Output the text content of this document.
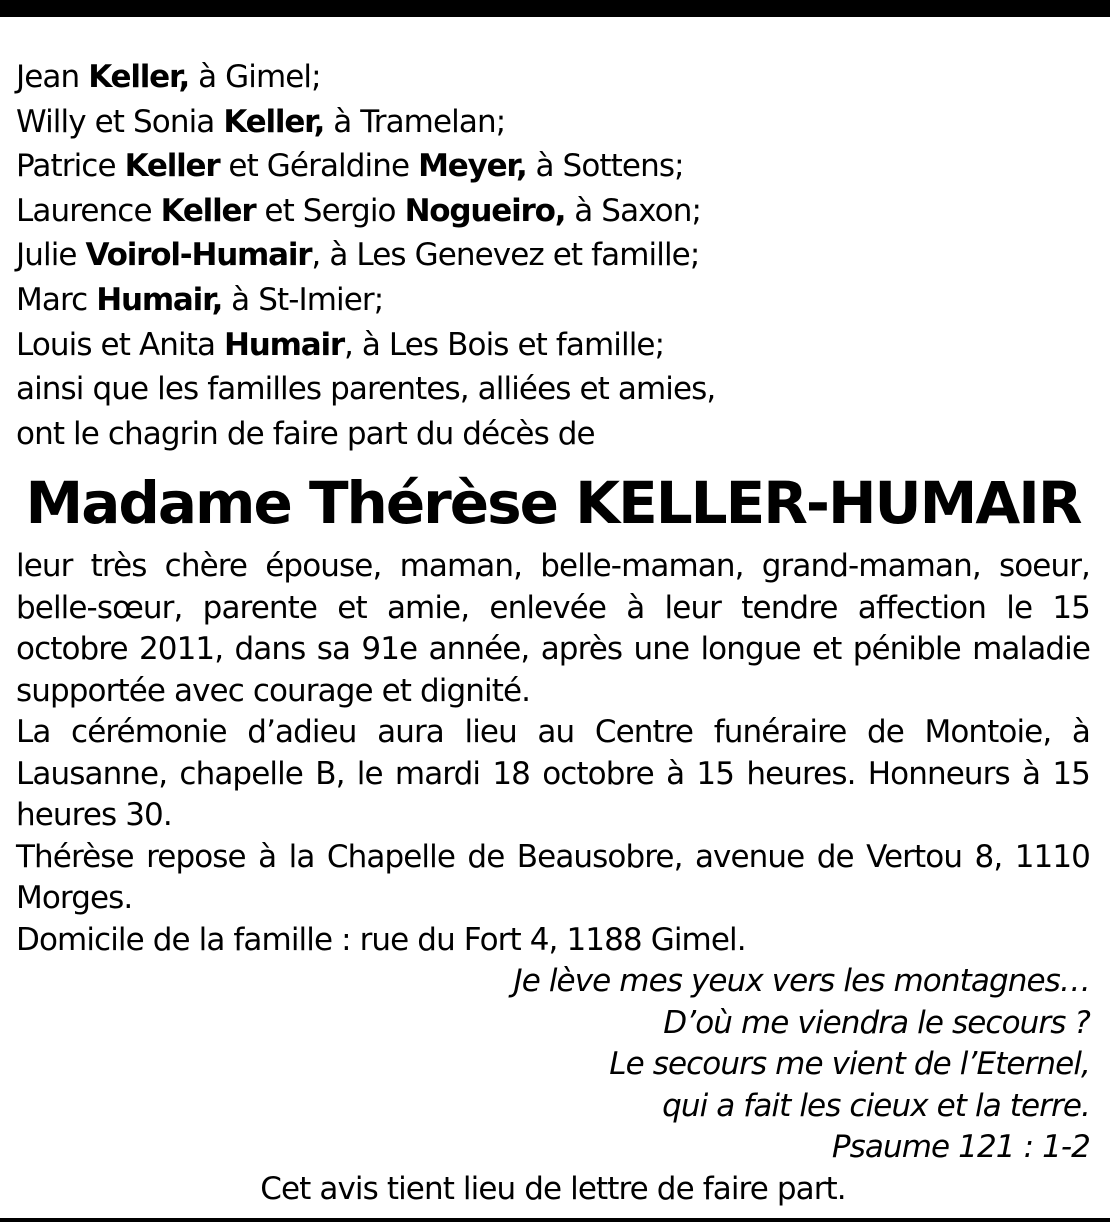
Jean Keller, à Gimel;
Willy et Sonia Keller, à Tramelan;
Patrice Keller et Géraldine Meyer, à Sottens;
Laurence Keller et Sergio Nogueiro, à Saxon;
Julie Voirol-Humair, à Les Genevez et famille;
Marc Humair, à St-Imier;
Louis et Anita Humair, à Les Bois et famille;
ainsi que les familles parentes, alliées et amies,
ont le chagrin de faire part du décès de
Madame Thérèse KELLER-HUMAIR
leur très chère épouse, maman, belle-maman, grand-maman, soeur, belle-sœur, parente et amie, enlevée à leur tendre affection le 15 octobre 2011, dans sa 91e année, après une longue et pénible maladie supportée avec courage et dignité.
La cérémonie d’adieu aura lieu au Centre funéraire de Montoie, à Lausanne, chapelle B, le mardi 18 octobre à 15 heures. Honneurs à 15 heures 30.
Thérèse repose à la Chapelle de Beausobre, avenue de Vertou 8, 1110 Morges.
Domicile de la famille : rue du Fort 4, 1188 Gimel.
Je lève mes yeux vers les montagnes…
D’où me viendra le secours ?
Le secours me vient de l’Eternel,
qui a fait les cieux et la terre.
Psaume 121 : 1-2
Cet avis tient lieu de lettre de faire part.
